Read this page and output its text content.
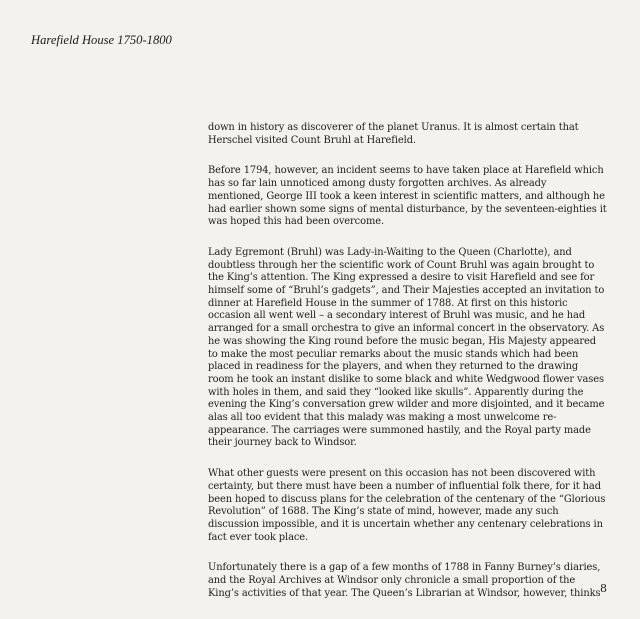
Harefield House 1750-1800

down in history as discoverer of the planet Uranus. It is almost certain that
Herschel visited Count Bruhl at Harefield.

Before 1794, however, an incident seems to have taken place at Harefield which
has so far lain unnoticed among dusty forgotten archives. As already
mentioned, George III took a keen interest in scientific matters, and although he
had earlier shown some signs of mental disturbance, by the seventeen-eighties it
was hoped this had been overcome.

Lady Egremont (Bruhl) was Lady-in-Waiting to the Queen (Charlotte), and
doubtless through her the scientific work of Count Bruhl was again brought to
the King’s attention. The King expressed a desire to visit Harefield and see for
himself some of “Bruhl’s gadgets”, and Their Majesties accepted an invitation to
dinner at Harefield House in the summer of 1788. At first on this historic
occasion all went well – a secondary interest of Bruhl was music, and he had
arranged for a small orchestra to give an informal concert in the observatory. As
he was showing the King round before the music began, His Majesty appeared
to make the most peculiar remarks about the music stands which had been
placed in readiness for the players, and when they returned to the drawing
room he took an instant dislike to some black and white Wedgwood flower vases
with holes in them, and said they “looked like skulls”. Apparently during the
evening the King’s conversation grew wilder and more disjointed, and it became
alas all too evident that this malady was making a most unwelcome re-
appearance. The carriages were summoned hastily, and the Royal party made
their journey back to Windsor.

What other guests were present on this occasion has not been discovered with
certainty, but there must have been a number of influential folk there, for it had
been hoped to discuss plans for the celebration of the centenary of the “Glorious
Revolution” of 1688. The King’s state of mind, however, made any such
discussion impossible, and it is uncertain whether any centenary celebrations in
fact ever took place.

Unfortunately there is a gap of a few months of 1788 in Fanny Burney’s diaries,
and the Royal Archives at Windsor only chronicle a small proportion of the
King’s activities of that year. The Queen’s Librarian at Windsor, however, thinks 8
